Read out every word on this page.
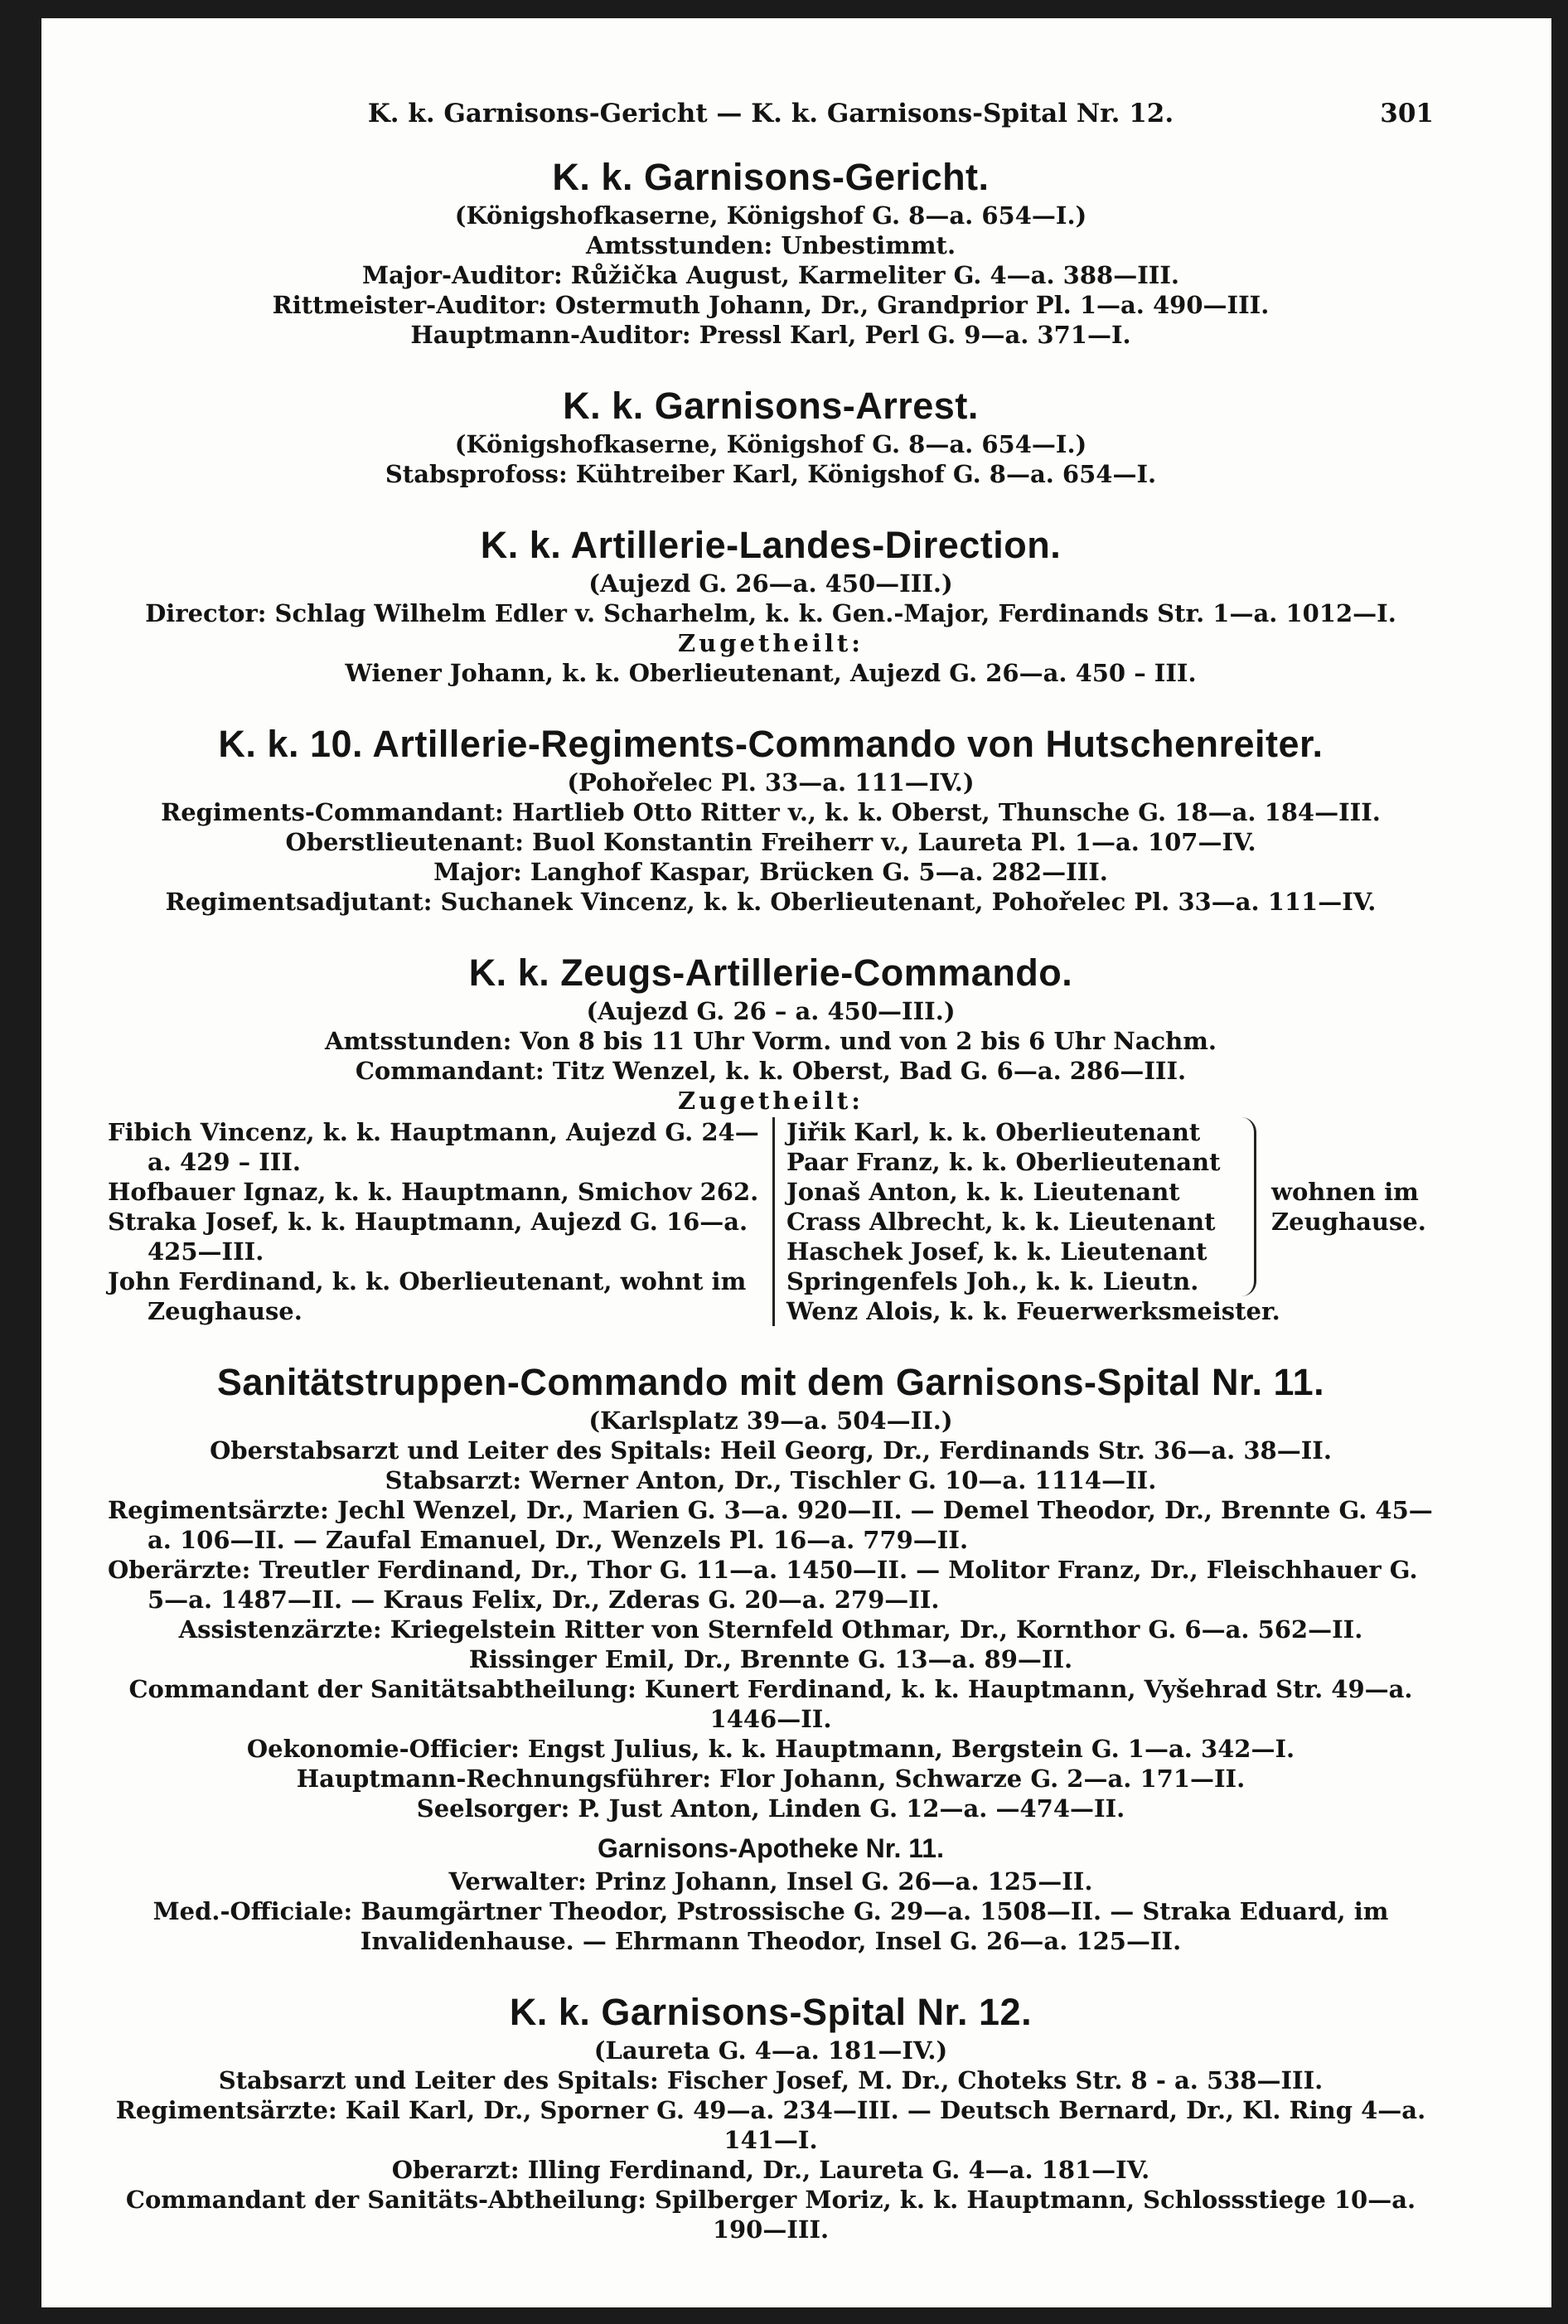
K. k. Garnisons-Gericht — K. k. Garnisons-Spital Nr. 12.	301
K. k. Garnisons-Gericht.
(Königshofkaserne, Königshof G. 8—a. 654—I.)
Amtsstunden: Unbestimmt.
Major-Auditor: Růžička August, Karmeliter G. 4—a. 388—III.
Rittmeister-Auditor: Ostermuth Johann, Dr., Grandprior Pl. 1—a. 490—III.
Hauptmann-Auditor: Pressl Karl, Perl G. 9—a. 371—I.
K. k. Garnisons-Arrest.
(Königshofkaserne, Königshof G. 8—a. 654—I.)
Stabsprofoss: Kühtreiber Karl, Königshof G. 8—a. 654—I.
K. k. Artillerie-Landes-Direction.
(Aujezd G. 26—a. 450—III.)
Director: Schlag Wilhelm Edler v. Scharhelm, k. k. Gen.-Major, Ferdinands Str. 1—a. 1012—I.
Zugetheilt:
Wiener Johann, k. k. Oberlieutenant, Aujezd G. 26—a. 450 – III.
K. k. 10. Artillerie-Regiments-Commando von Hutschenreiter.
(Pohořelec Pl. 33—a. 111—IV.)
Regiments-Commandant: Hartlieb Otto Ritter v., k. k. Oberst, Thunsche G. 18—a. 184—III.
Oberstlieutenant: Buol Konstantin Freiherr v., Laureta Pl. 1—a. 107—IV.
Major: Langhof Kaspar, Brücken G. 5—a. 282—III.
Regimentsadjutant: Suchanek Vincenz, k. k. Oberlieutenant, Pohořelec Pl. 33—a. 111—IV.
K. k. Zeugs-Artillerie-Commando.
(Aujezd G. 26 – a. 450—III.)
Amtsstunden: Von 8 bis 11 Uhr Vorm. und von 2 bis 6 Uhr Nachm.
Commandant: Titz Wenzel, k. k. Oberst, Bad G. 6—a. 286—III.
Zugetheilt:
Fibich Vincenz, k. k. Hauptmann, Aujezd G. 24—a. 429 – III.
Hofbauer Ignaz, k. k. Hauptmann, Smichov 262.
Straka Josef, k. k. Hauptmann, Aujezd G. 16—a. 425—III.
John Ferdinand, k. k. Oberlieutenant, wohnt im Zeughause.
Jiřik Karl, k. k. Oberlieutenant
Paar Franz, k. k. Oberlieutenant
Jonaš Anton, k. k. Lieutenant
Crass Albrecht, k. k. Lieutenant
Haschek Josef, k. k. Lieutenant
Springenfels Joh., k. k. Lieutn.
Wenz Alois, k. k. Feuerwerksmeister.
wohnen im
Zeughause.
Sanitätstruppen-Commando mit dem Garnisons-Spital Nr. 11.
(Karlsplatz 39—a. 504—II.)
Oberstabsarzt und Leiter des Spitals: Heil Georg, Dr., Ferdinands Str. 36—a. 38—II.
Stabsarzt: Werner Anton, Dr., Tischler G. 10—a. 1114—II.
Regimentsärzte: Jechl Wenzel, Dr., Marien G. 3—a. 920—II. — Demel Theodor, Dr., Brennte G. 45—a. 106—II. — Zaufal Emanuel, Dr., Wenzels Pl. 16—a. 779—II.
Oberärzte: Treutler Ferdinand, Dr., Thor G. 11—a. 1450—II. — Molitor Franz, Dr., Fleischhauer G. 5—a. 1487—II. — Kraus Felix, Dr., Zderas G. 20—a. 279—II.
Assistenzärzte: Kriegelstein Ritter von Sternfeld Othmar, Dr., Kornthor G. 6—a. 562—II.
Rissinger Emil, Dr., Brennte G. 13—a. 89—II.
Commandant der Sanitätsabtheilung: Kunert Ferdinand, k. k. Hauptmann, Vyšehrad Str. 49—a. 1446—II.
Oekonomie-Officier: Engst Julius, k. k. Hauptmann, Bergstein G. 1—a. 342—I.
Hauptmann-Rechnungsführer: Flor Johann, Schwarze G. 2—a. 171—II.
Seelsorger: P. Just Anton, Linden G. 12—a. —474—II.
Garnisons-Apotheke Nr. 11.
Verwalter: Prinz Johann, Insel G. 26—a. 125—II.
Med.-Officiale: Baumgärtner Theodor, Pstrossische G. 29—a. 1508—II. — Straka Eduard, im Invalidenhause. — Ehrmann Theodor, Insel G. 26—a. 125—II.
K. k. Garnisons-Spital Nr. 12.
(Laureta G. 4—a. 181—IV.)
Stabsarzt und Leiter des Spitals: Fischer Josef, M. Dr., Choteks Str. 8 - a. 538—III.
Regimentsärzte: Kail Karl, Dr., Sporner G. 49—a. 234—III. — Deutsch Bernard, Dr., Kl. Ring 4—a. 141—I.
Oberarzt: Illing Ferdinand, Dr., Laureta G. 4—a. 181—IV.
Commandant der Sanitäts-Abtheilung: Spilberger Moriz, k. k. Hauptmann, Schlossstiege 10—a. 190—III.
